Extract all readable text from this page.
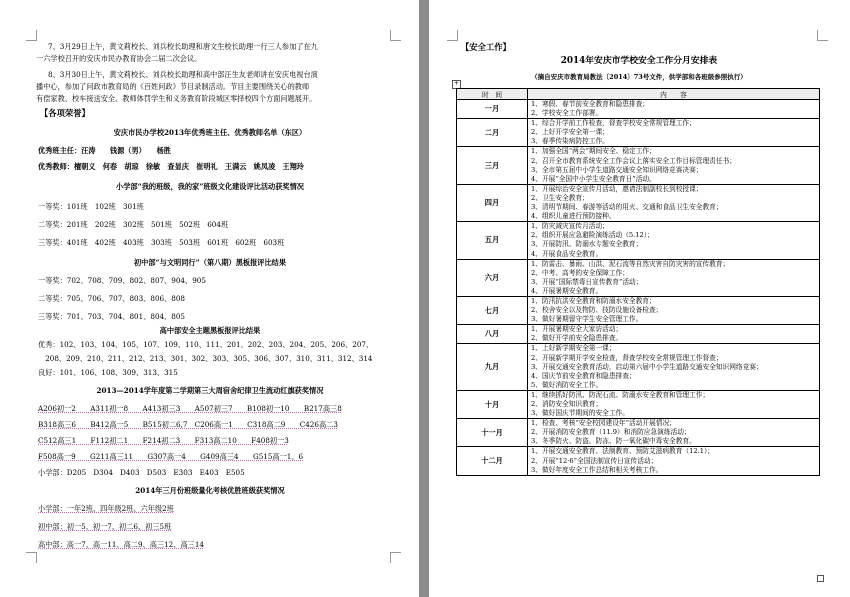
7、3月29日上午，黄文莉校长、刘兵校长助理和唐文生校长助理一行三人参加了在九
一六学校召开的安庆市民办教育协会二届二次会议。
8、3月30日上午，黄文莉校长、刘兵校长助理和高中部汪生友老师讲在安庆电视台演
播中心，参加了问政市教育局的《百姓问政》节目录制活动。节目主要围绕关心的教师
有偿家教、校车接送安全、教师体罚学生和义务教育阶段城区零择校四个方面问题展开。
【各项荣誉】
安庆市民办学校2013年优秀班主任、优秀教师名单（东区）
优秀班主任：汪涛　　钱源（男）　　杨胜
优秀教师：檀朝义　何春　胡琼　徐敏　查显庆　崔明礼　王满云　姚凤凌　王翔玲
小学部“我的班级，我的家”班级文化建设评比活动获奖情况
一等奖：101班　102班　301班
二等奖：201班　202班　302班　501班　502班　604班
三等奖：401班　402班　403班　303班　503班　601班　602班　603班
初中部“与文明同行”（第八期）黑板报评比结果
一等奖：702、708、709、802、807、904、905
二等奖：705、706、707、803、806、808
三等奖：701、703、704、801、804、805
高中部安全主题黑板报评比结果
优秀：102、103、104、105、107、109、110、111、201、202、203、204、205、206、207、
　208、209、210、211、212、213、301、302、303、305、306、307、310、311、312、314
良好：101、106、108、309、313、315
2013—2014学年度第二学期第三大周宿舍纪律卫生流动红旗获奖情况
A206初一2　　A311初一8　　A413初三3　　A507初三7　　B108初一10　　B217高三8
B318高三6　　B412高一5　　B515初二6,7　C206高一1　　C318高二9　　C426高二3
C512高三1　　F112初二1　　F214初二3　　F313高二10　　F408初一3
F508高一9　　G211高三11　　G307高一4　　G409高三4　　G515高一1、6
小学部：D205　D304　D403　D503　E303　E403　E505
2014年三月份班级量化考核优胜班级获奖情况
小学部：一年2班、四年级2班、六年级2班
初中部：初一5、初一7、初二6、初三5班
高中部：高一7、高一11、高二9、高三12、高三14
【安全工作】
2014年安庆市学校安全工作分月安排表
（摘自安庆市教育局教法〔2014〕73号文件，供学部和各班级参照执行）
+
时　间	内　　容
一月	1、寒假、春节前安全教育和隐患排查；
2、学校安全工作部署。

二月	1、综合开学前工作检查，督查学校安全常规管理工作；
2、上好开学安全第一课；
3、春季传染病防控工作。

三月	1、加强全国“两会”期间安全、稳定工作；
2、召开全市教育系统安全工作会议上落实安全工作目标管理责任书；
3、全市第五届中小学生道路交通安全知识网络竞赛决赛；
4、开展“全国中小学生安全教育日”活动。

四月	1、开展综治安全宣传月活动，邀请法制副校长到校授课；
2、卫生安全教育；
3、清明节期间、春游等活动的用火、交通和食品卫生安全教育；
4、组织儿童进行预防接种。

五月	1、防灾减灾宣传月活动；
2、组织开展应急避险演练活动（5.12）；
3、开展防汛、防溺水专题安全教育；
4、开展食品安全教育。

六月	1、防雷击、暴雨、山洪、泥石流等自然灾害自防灾害的宣传教育；
2、中考、高考的安全保障工作；
3、开展“国际禁毒日宣传教育”活动；
4、开展暑期安全教育。

七月	1、防汛抗洪安全教育和防溺水安全教育；
2、校舍安全以及物防、技防设施设备检查；
3、做好暑期留守学生安全管理工作。

八月	1、开展暑期安全大家访活动；
2、做好开学前安全隐患排查。

九月	1、上好新学期安全第一课；
2、开展新学期开学安全检查，督查学校安全常规管理工作督查；
3、开展交通安全教育活动，启动第六届中小学生道路交通安全知识网络竞赛；
4、国庆节前安全教育和隐患排查；
5、做好消防安全工作。

十月	1、继续抓好防汛、防泥石流、防溺水安全教育和管理工作；
2、消防安全知识教育；
3、做好国庆节期间的安全工作。

十一月	1、检查、考核“安全校园建设年”活动开展情况；
2、开展消防安全教育（11.9）和消防应急演练活动；
3、冬季防火、防盗、防冻、防一氧化碳中毒安全教育。

十二月	1、开展交通安全教育、法制教育、预防艾滋病教育（12.1）；
2、开展“12·6”全国法制宣传日宣传活动；
3、做好年度安全工作总结和相关考核工作。
